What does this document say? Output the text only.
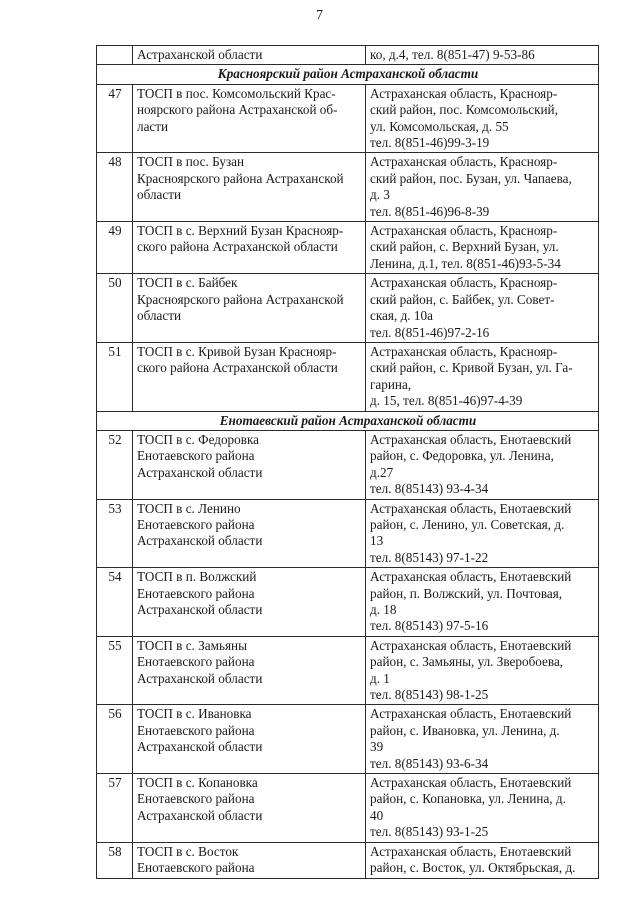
7
	Астраханской области	ко, д.4, тел. 8(851-47) 9-53-86
Красноярский район Астраханской области		
47	ТОСП в пос. Комсомольский Крас-
ноярского района Астраханской об-
ласти	Астраханская область, Краснояр-
ский район, пос. Комсомольский,
ул. Комсомольская, д. 55
тел. 8(851-46)99-3-19
48	ТОСП в пос. Бузан
Красноярского района Астраханской
области	Астраханская область, Краснояр-
ский район, пос. Бузан, ул. Чапаева,
д. 3
тел. 8(851-46)96-8-39
49	ТОСП в с. Верхний Бузан Краснояр-
ского района Астраханской области	Астраханская область, Краснояр-
ский район, с. Верхний Бузан, ул.
Ленина, д.1, тел. 8(851-46)93-5-34
50	ТОСП в с. Байбек
Красноярского района Астраханской
области	Астраханская область, Краснояр-
ский район, с. Байбек, ул. Совет-
ская, д. 10а
тел. 8(851-46)97-2-16
51	ТОСП в с. Кривой Бузан Краснояр-
ского района Астраханской области	Астраханская область, Краснояр-
ский район, с. Кривой Бузан, ул. Га-
гарина,
д. 15, тел. 8(851-46)97-4-39
Енотаевский район Астраханской области		
52	ТОСП в с. Федоровка
Енотаевского района
Астраханской области	Астраханская область, Енотаевский
район, с. Федоровка, ул. Ленина,
д.27
тел. 8(85143) 93-4-34
53	ТОСП в с. Ленино
Енотаевского района
Астраханской области	Астраханская область, Енотаевский
район, с. Ленино, ул. Советская, д.
13
тел. 8(85143) 97-1-22
54	ТОСП в п. Волжский
Енотаевского района
Астраханской области	Астраханская область, Енотаевский
район, п. Волжский, ул. Почтовая,
д. 18
тел. 8(85143) 97-5-16
55	ТОСП в с. Замьяны
Енотаевского района
Астраханской области	Астраханская область, Енотаевский
район, с. Замьяны, ул. Зверобоева,
д. 1
тел. 8(85143) 98-1-25
56	ТОСП в с. Ивановка
Енотаевского района
Астраханской области	Астраханская область, Енотаевский
район, с. Ивановка, ул. Ленина, д.
39
тел. 8(85143) 93-6-34
57	ТОСП в с. Копановка
Енотаевского района
Астраханской области	Астраханская область, Енотаевский
район, с. Копановка, ул. Ленина, д.
40
тел. 8(85143) 93-1-25
58	ТОСП в с. Восток
Енотаевского района	Астраханская область, Енотаевский
район, с. Восток, ул. Октябрьская, д.
